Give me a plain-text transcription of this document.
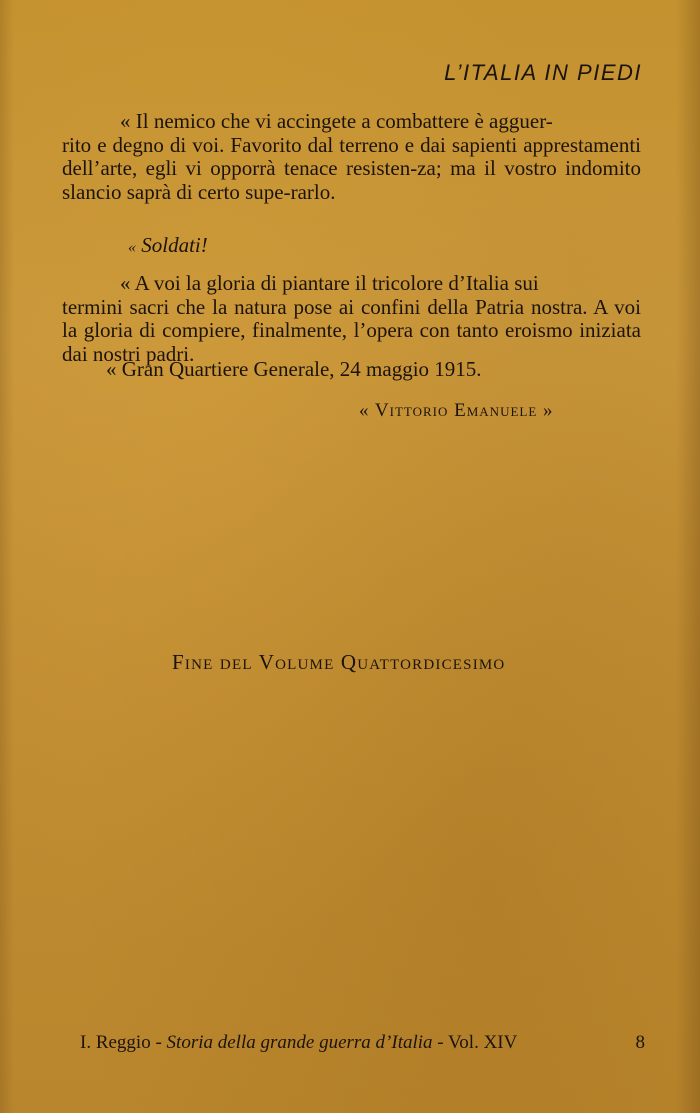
L’ITALIA IN PIEDI

« Il nemico che vi accingete a combattere è agguer-

rito e degno di voi. Favorito dal terreno e dai sapienti apprestamenti dell’arte, egli vi opporrà tenace resisten-za; ma il vostro indomito slancio saprà di certo supe-rarlo.

« Soldati!

« A voi la gloria di piantare il tricolore d’Italia sui

termini sacri che la natura pose ai confini della Patria nostra. A voi la gloria di compiere, finalmente, l’opera con tanto eroismo iniziata dai nostri padri.

« Gran Quartiere Generale, 24 maggio 1915.
« Vittorio Emanuele »
Fine del Volume Quattordicesimo
I. Reggio - Storia della grande guerra d’Italia - Vol. XIV	8
